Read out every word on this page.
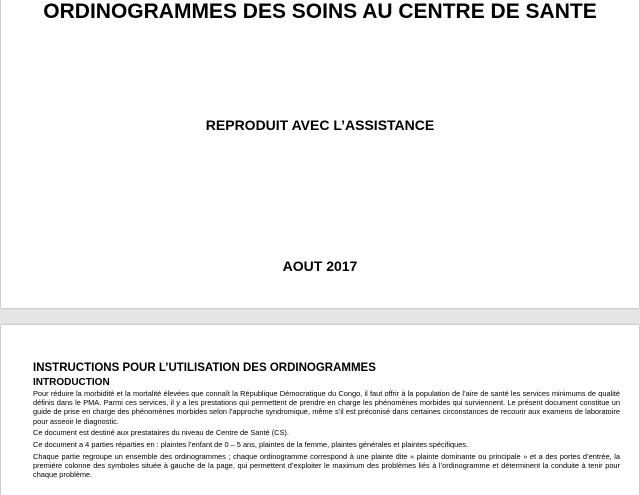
ORDINOGRAMMES DES SOINS AU CENTRE DE SANTE
REPRODUIT AVEC L’ASSISTANCE
AOUT 2017
INSTRUCTIONS POUR L’UTILISATION DES ORDINOGRAMMES
INTRODUCTION

Pour réduire la morbidité et la mortalité élevées que connaît la République Démocratique du Congo, il faut offrir à la population de l’aire de santé les services minimums de qualité définis dans le PMA. Parmi ces services, il y a les prestations qui permettent de prendre en charge les phénomènes morbides qui surviennent. Le présent document constitue un guide de prise en charge des phénomènes morbides selon l’approche syndromique, même s’il est préconisé dans certaines circonstances de recourir aux examens de laboratoire pour asseoir le diagnostic.

Ce document est destiné aux prestataires du niveau de Centre de Santé (CS).

Ce document a 4 parties réparties en : plaintes l’enfant de 0 – 5 ans, plaintes de la femme, plaintes générales et plaintes spécifiques.

Chaque partie regroupe un ensemble des ordinogrammes ; chaque ordinogramme correspond à une plainte dite « plainte dominante ou principale » et a des portes d’entrée, la première colonne des symboles située à gauche de la page, qui permettent d’exploiter le maximum des problèmes liés à l’ordinogramme et déterminent la conduite à tenir pour chaque problème.
